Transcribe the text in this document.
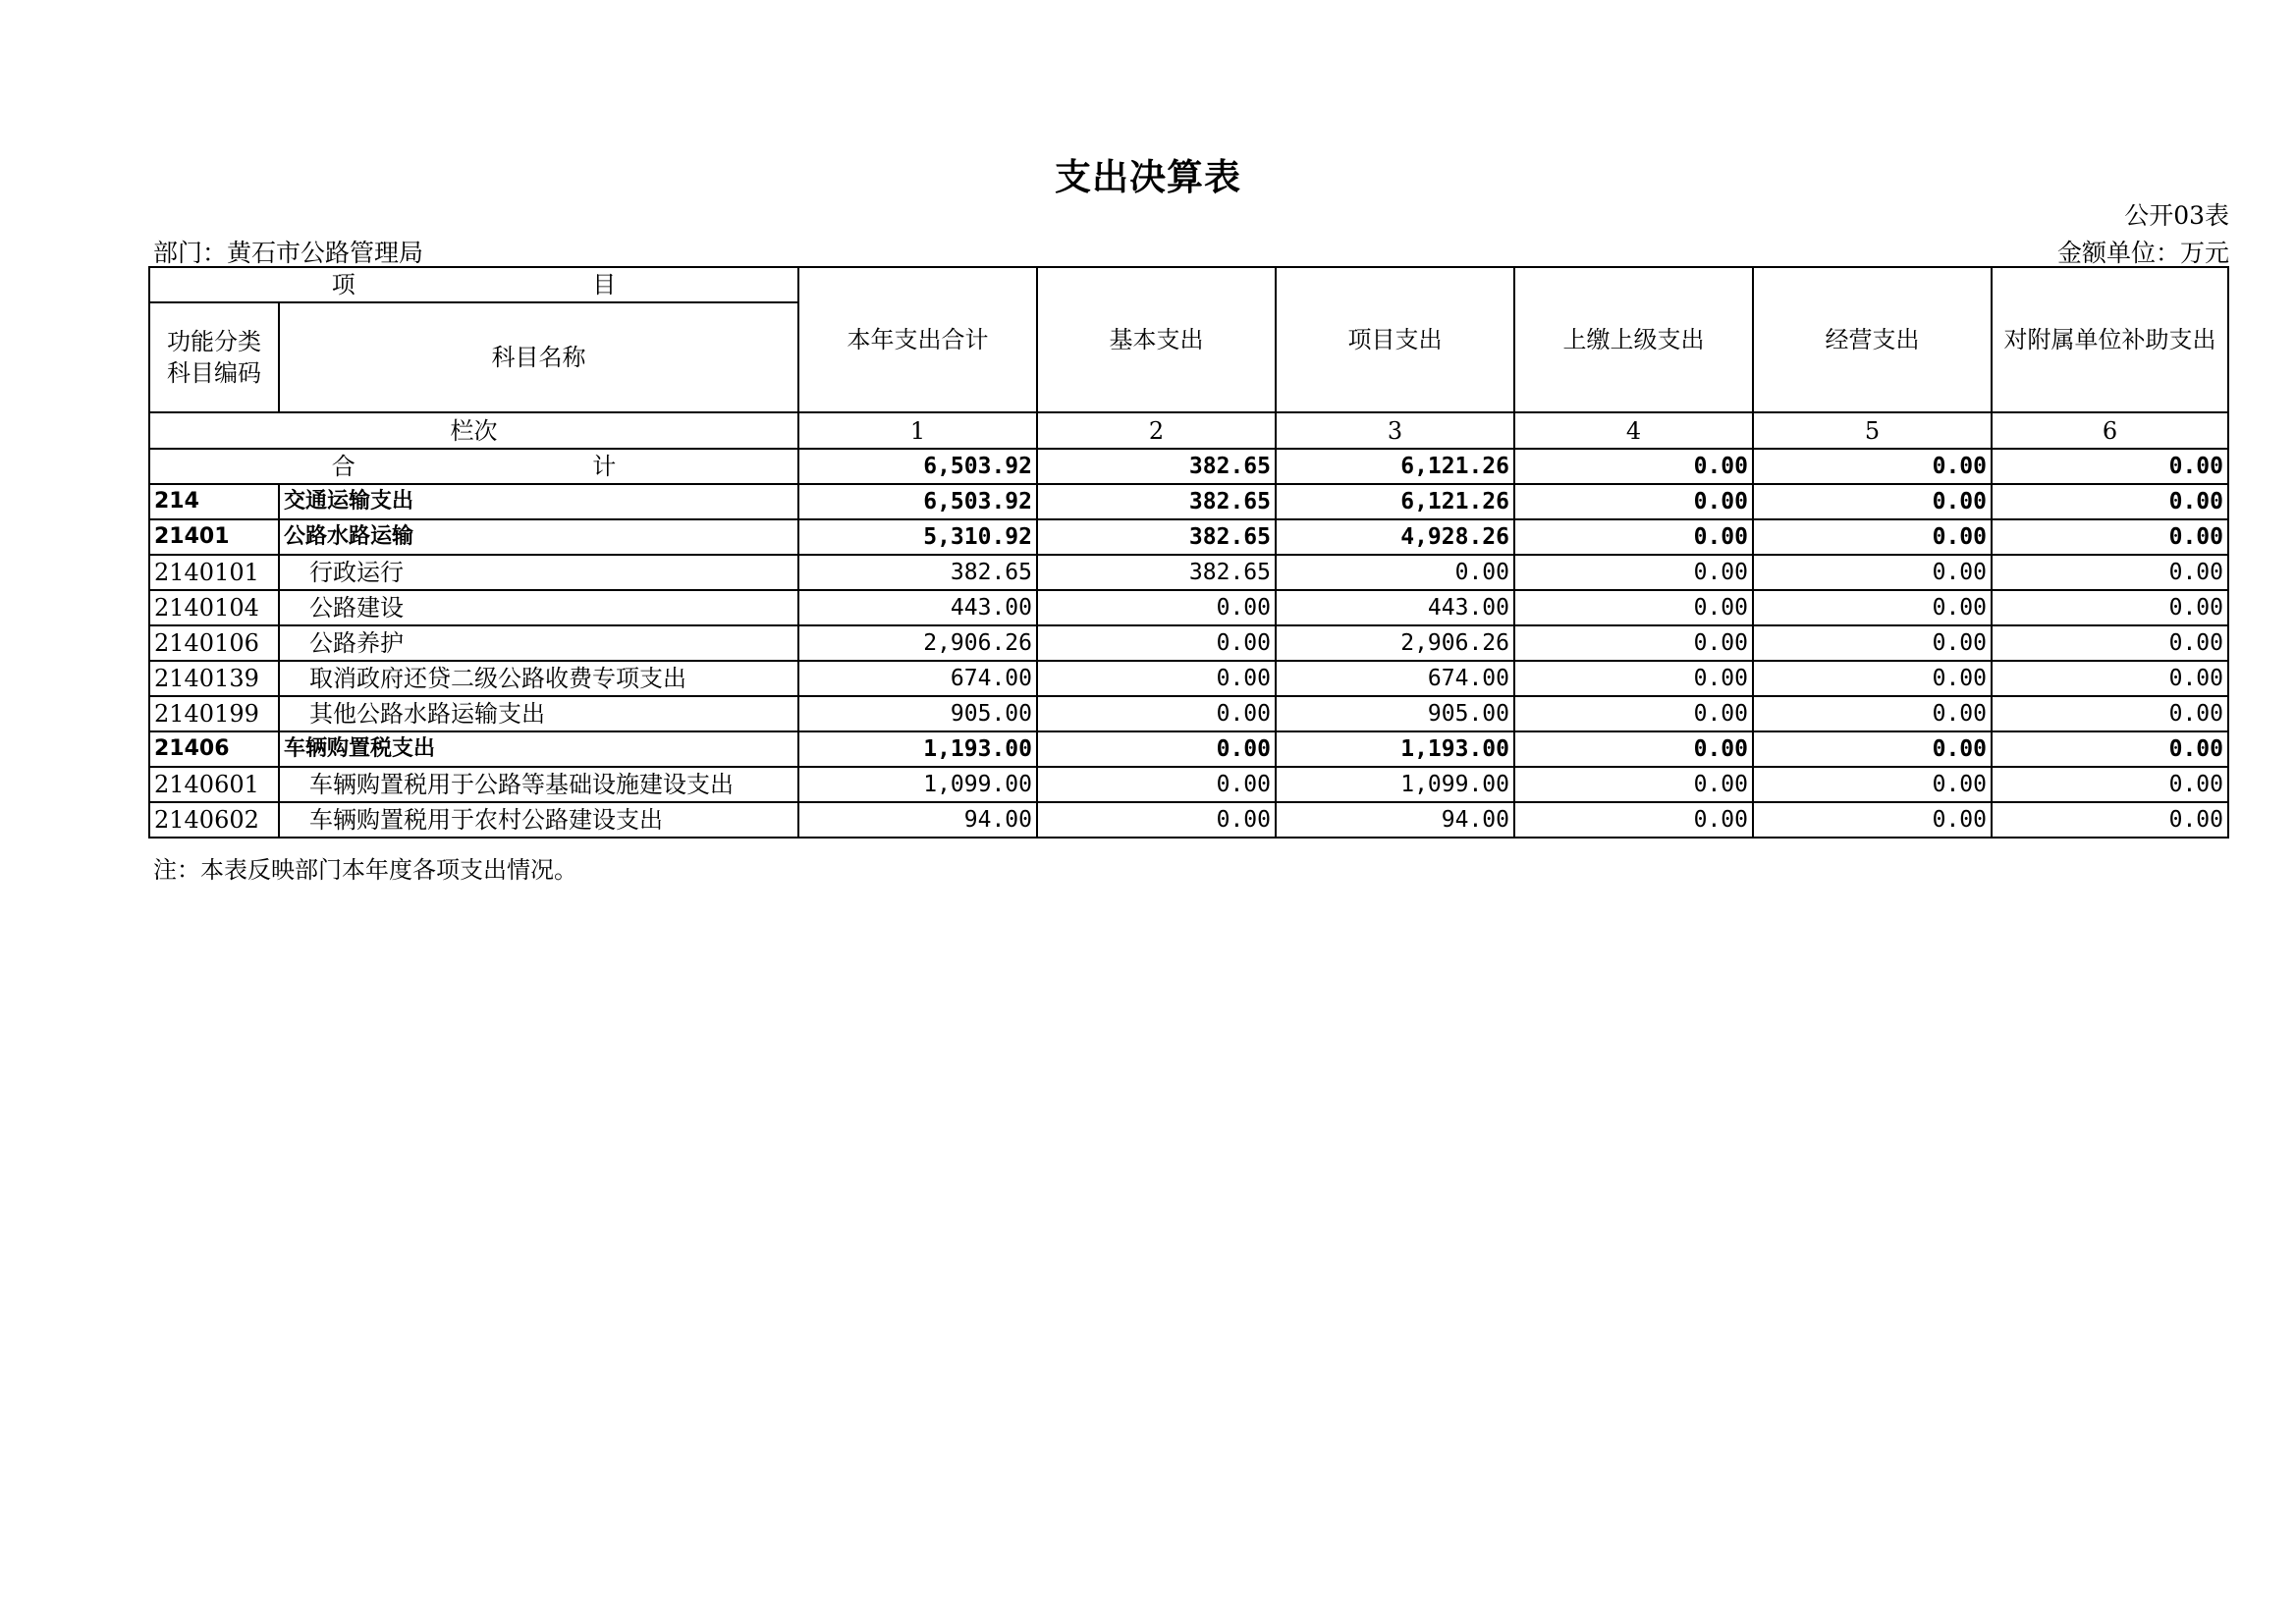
支出决算表
公开03表
部门：黄石市公路管理局	金额单位：万元
项 目		本年支出合计	基本支出	项目支出	上缴上级支出	经营支出	对附属单位补助支出

功能分类
科目编码	科目名称						
栏次		1	2	3	4	5	6

合 计		6,503.92	382.65	6,121.26	0.00	0.00	0.00
214	交通运输支出	6,503.92	382.65	6,121.26	0.00	0.00	0.00
21401	公路水路运输	5,310.92	382.65	4,928.26	0.00	0.00	0.00
2140101	行政运行	382.65	382.65	0.00	0.00	0.00	0.00
2140104	公路建设	443.00	0.00	443.00	0.00	0.00	0.00
2140106	公路养护	2,906.26	0.00	2,906.26	0.00	0.00	0.00
2140139	取消政府还贷二级公路收费专项支出	674.00	0.00	674.00	0.00	0.00	0.00
2140199	其他公路水路运输支出	905.00	0.00	905.00	0.00	0.00	0.00
21406	车辆购置税支出	1,193.00	0.00	1,193.00	0.00	0.00	0.00
2140601	车辆购置税用于公路等基础设施建设支出	1,099.00	0.00	1,099.00	0.00	0.00	0.00
2140602	车辆购置税用于农村公路建设支出	94.00	0.00	94.00	0.00	0.00	0.00
注：本表反映部门本年度各项支出情况。
